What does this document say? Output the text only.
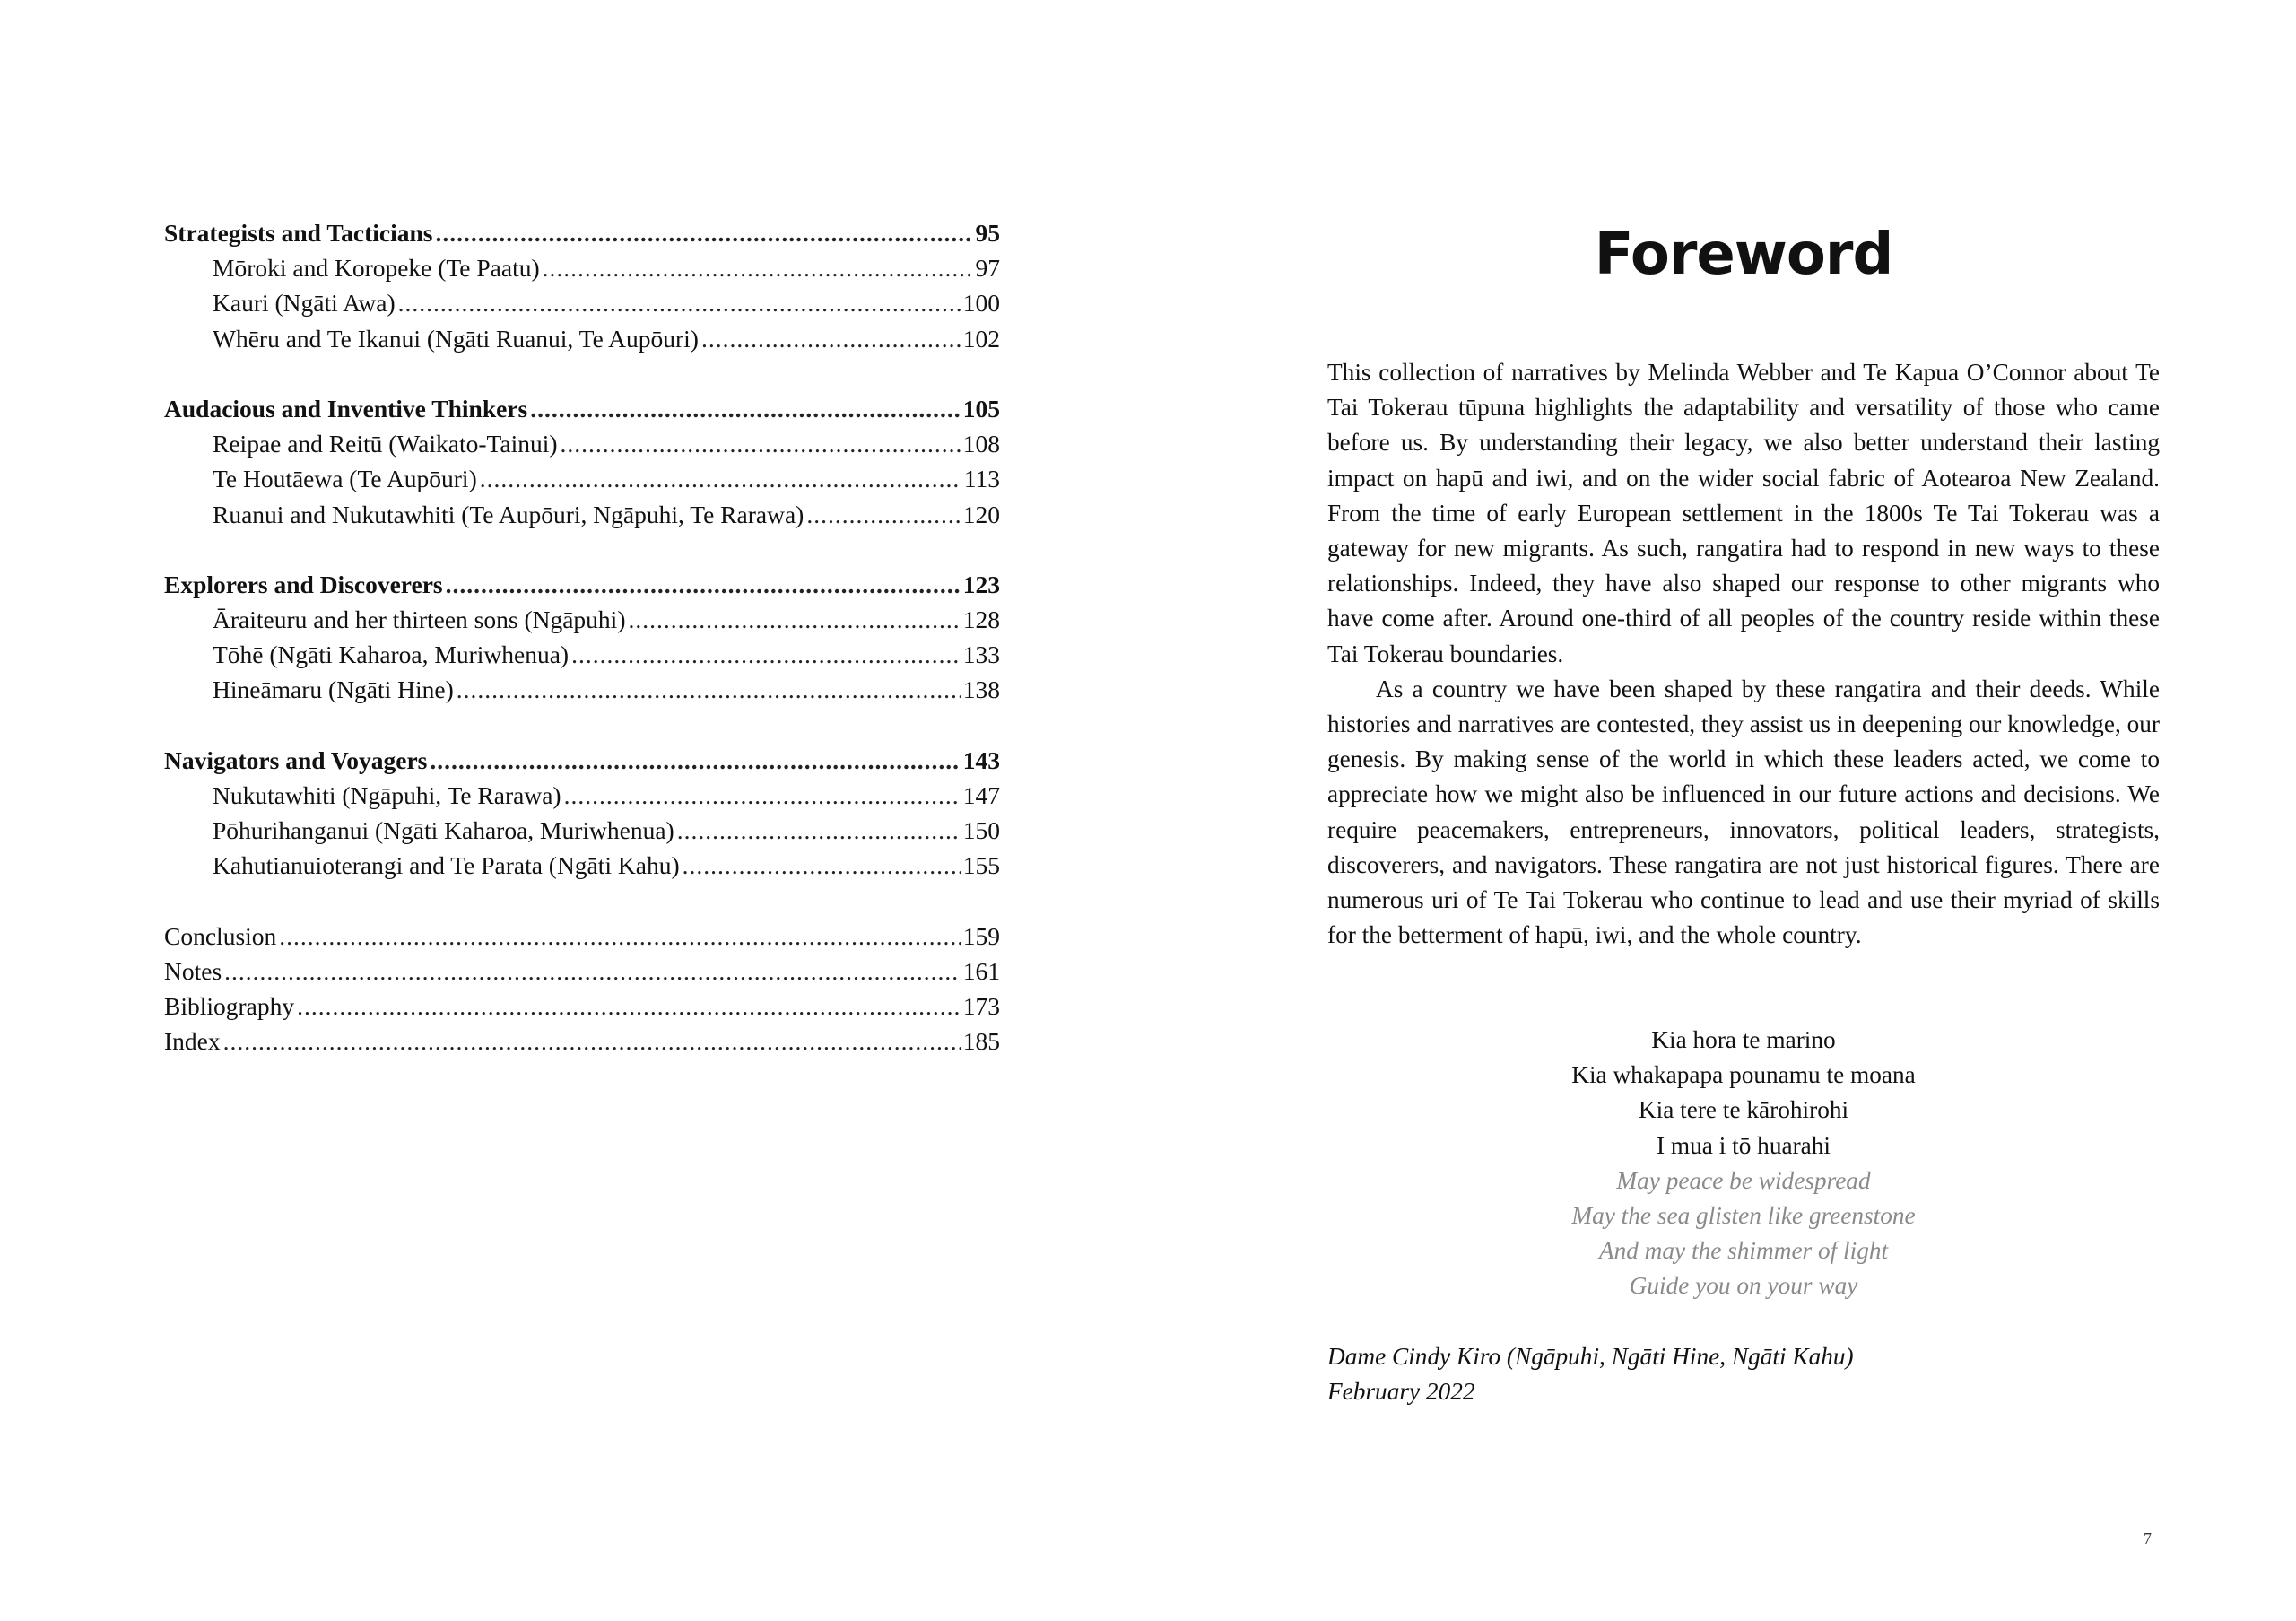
Strategists and Tacticians .....	95
Mōroki and Koropeke (Te Paatu) .....	97
Kauri (Ngāti Awa) .....	100
Whēru and Te Ikanui (Ngāti Ruanui, Te Aupōuri) .....	102
Audacious and Inventive Thinkers .....	105
Reipae and Reitū (Waikato-Tainui) .....	108
Te Houtāewa (Te Aupōuri) .....	113
Ruanui and Nukutawhiti (Te Aupōuri, Ngāpuhi, Te Rarawa) .....	120
Explorers and Discoverers .....	123
Āraiteuru and her thirteen sons (Ngāpuhi) .....	128
Tōhē (Ngāti Kaharoa, Muriwhenua) .....	133
Hineāmaru (Ngāti Hine) .....	138
Navigators and Voyagers .....	143
Nukutawhiti (Ngāpuhi, Te Rarawa) .....	147
Pōhurihanganui (Ngāti Kaharoa, Muriwhenua) .....	150
Kahutianuioterangi and Te Parata (Ngāti Kahu) .....	155
Conclusion .....	159
Notes .....	161
Bibliography .....	173
Index .....	185
Foreword

This collection of narratives by Melinda Webber and Te Kapua O’Connor about Te Tai Tokerau tūpuna highlights the adaptability and versatility of those who came before us. By understanding their legacy, we also better understand their lasting impact on hapū and iwi, and on the wider social fabric of Aotearoa New Zealand. From the time of early European settlement in the 1800s Te Tai Tokerau was a gateway for new migrants. As such, rangatira had to respond in new ways to these relationships. Indeed, they have also shaped our response to other migrants who have come after. Around one-third of all peoples of the country reside within these Tai Tokerau boundaries.

As a country we have been shaped by these rangatira and their deeds. While histories and narratives are contested, they assist us in deepening our knowledge, our genesis. By making sense of the world in which these leaders acted, we come to appreciate how we might also be influenced in our future actions and decisions. We require peacemakers, entrepreneurs, innovators, political leaders, strategists, discoverers, and navigators. These rangatira are not just historical figures. There are numerous uri of Te Tai Tokerau who continue to lead and use their myriad of skills for the betterment of hapū, iwi, and the whole country.

Kia hora te marino
Kia whakapapa pounamu te moana
Kia tere te kārohirohi
I mua i tō huarahi
May peace be widespread
May the sea glisten like greenstone
And may the shimmer of light
Guide you on your way
Dame Cindy Kiro (Ngāpuhi, Ngāti Hine, Ngāti Kahu)
February 2022
7
